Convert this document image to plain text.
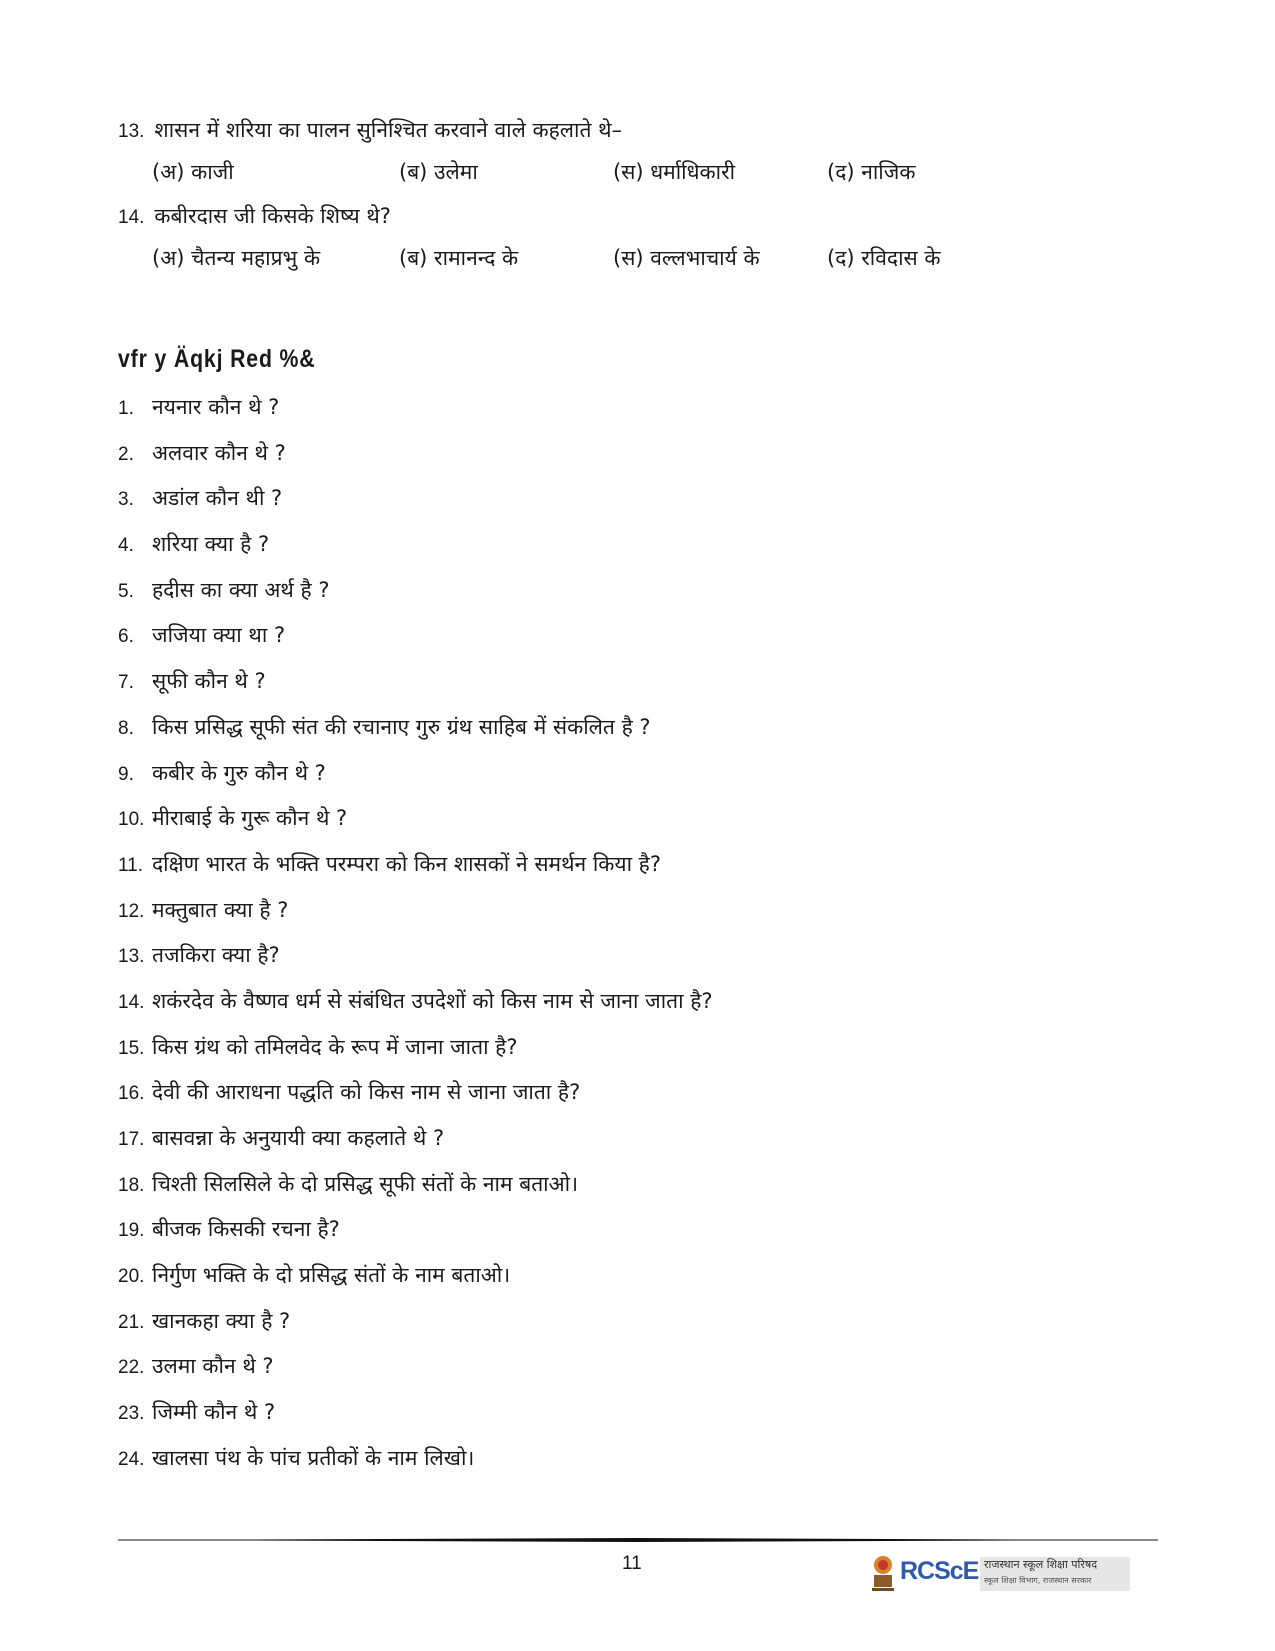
13. शासन में शरिया का पालन सुनिश्चित करवाने वाले कहलाते थे–
(अ) काजी	(ब) उलेमा	(स) धर्माधिकारी	(द) नाजिक
14. कबीरदास जी किसके शिष्य थे?
(अ) चैतन्य महाप्रभु के	(ब) रामानन्द के	(स) वल्लभाचार्य के	(द) रविदास के
vfr y Äqkj Red %&
1. नयनार कौन थे ?
2. अलवार कौन थे ?
3. अडांल कौन थी ?
4. शरिया क्या है ?
5. हदीस का क्या अर्थ है ?
6. जजिया क्या था ?
7. सूफी कौन थे ?
8. किस प्रसिद्ध सूफी संत की रचानाए गुरु ग्रंथ साहिब में संकलित है ?
9. कबीर के गुरु कौन थे ?
10. मीराबाई के गुरू कौन थे ?
11. दक्षिण भारत के भक्ति परम्परा को किन शासकों ने समर्थन किया है?
12. मक्तुबात क्या है ?
13. तजकिरा क्या है?
14. शकंरदेव के वैष्णव धर्म से संबंधित उपदेशों को किस नाम से जाना जाता है?
15. किस ग्रंथ को तमिलवेद के रूप में जाना जाता है?
16. देवी की आराधना पद्धति को किस नाम से जाना जाता है?
17. बासवन्ना के अनुयायी क्या कहलाते थे ?
18. चिश्ती सिलसिले के दो प्रसिद्ध सूफी संतों के नाम बताओ।
19. बीजक किसकी रचना है?
20. निर्गुण भक्ति के दो प्रसिद्ध संतों के नाम बताओ।
21. खानकहा क्या है ?
22. उलमा कौन थे ?
23. जिम्मी कौन थे ?
24. खालसा पंथ के पांच प्रतीकों के नाम लिखो।
11	RCScE राजस्थान स्कूल शिक्षा परिषद
स्कूल शिक्षा विभाग, राजस्थान सरकार
